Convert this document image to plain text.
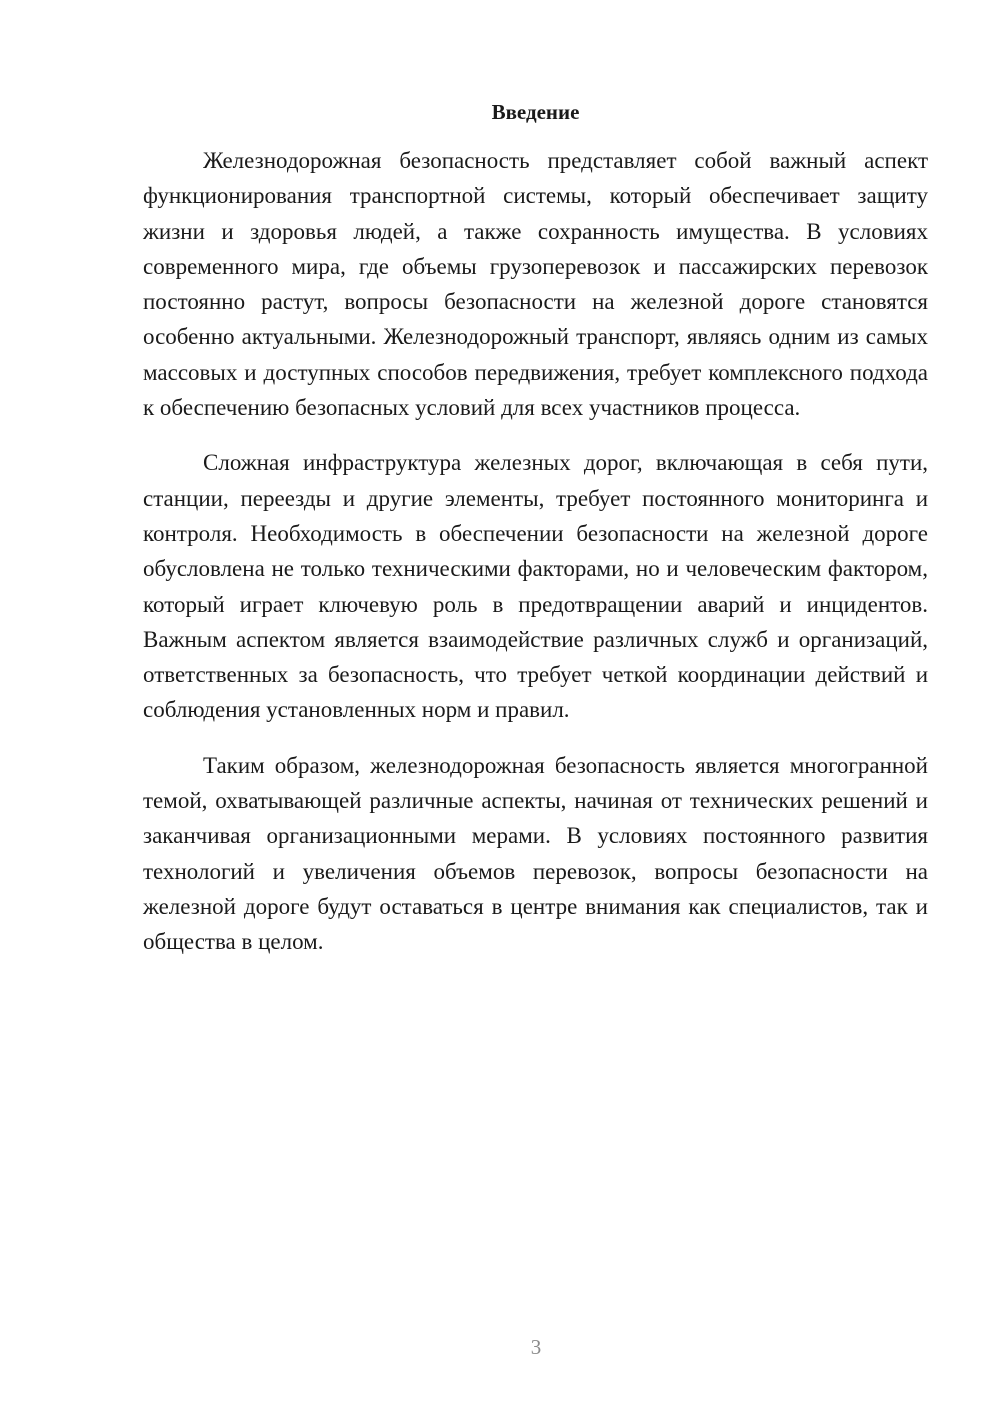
Введение

Железнодорожная безопасность представляет собой важный аспект функционирования транспортной системы, который обеспечивает защиту жизни и здоровья людей, а также сохранность имущества. В условиях современного мира, где объемы грузоперевозок и пассажирских перевозок постоянно растут, вопросы безопасности на железной дороге становятся особенно актуальными. Железнодорожный транспорт, являясь одним из самых массовых и доступных способов передвижения, требует комплексного подхода к обеспечению безопасных условий для всех участников процесса.

Сложная инфраструктура железных дорог, включающая в себя пути, станции, переезды и другие элементы, требует постоянного мониторинга и контроля. Необходимость в обеспечении безопасности на железной дороге обусловлена не только техническими факторами, но и человеческим фактором, который играет ключевую роль в предотвращении аварий и инцидентов. Важным аспектом является взаимодействие различных служб и организаций, ответственных за безопасность, что требует четкой координации действий и соблюдения установленных норм и правил.

Таким образом, железнодорожная безопасность является многогранной темой, охватывающей различные аспекты, начиная от технических решений и заканчивая организационными мерами. В условиях постоянного развития технологий и увеличения объемов перевозок, вопросы безопасности на железной дороге будут оставаться в центре внимания как специалистов, так и общества в целом.

3
